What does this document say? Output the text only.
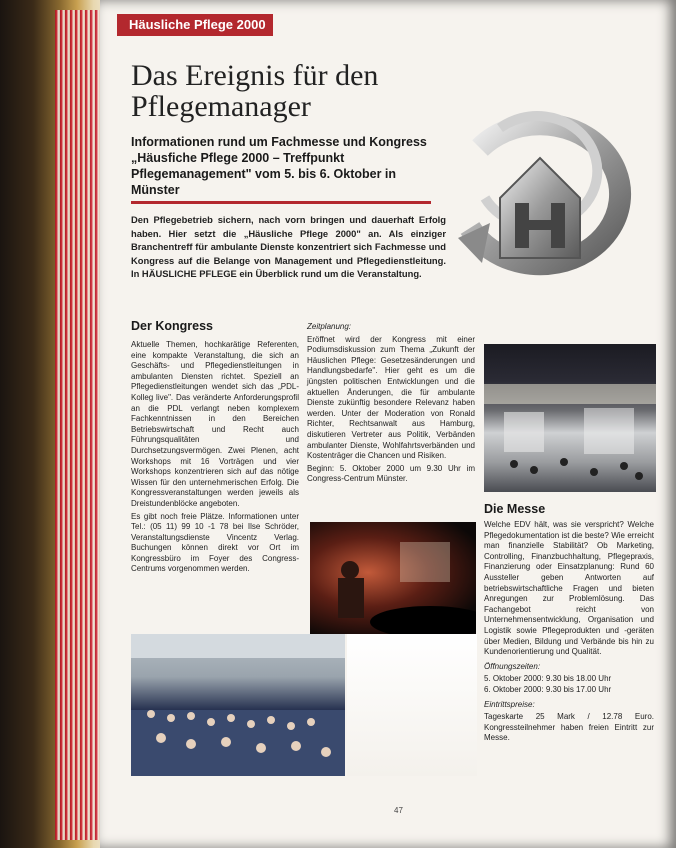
Häusliche Pflege 2000
Das Ereignis für den Pflegemanager
Informationen rund um Fachmesse und Kongress „Häusfiche Pflege 2000 – Treffpunkt Pflegemanagement" vom 5. bis 6. Oktober in Münster
Den Pflegebetrieb sichern, nach vorn bringen und dauerhaft Erfolg haben. Hier setzt die „Häusliche Pflege 2000" an. Als einziger Branchentreff für ambulante Dienste konzentriert sich Fachmesse und Kongress auf die Belange von Management und Pflegedienstleitung. In HÄUSLICHE PFLEGE ein Überblick rund um die Veranstaltung.
Der Kongress

Aktuelle Themen, hochkarätige Referenten, eine kompakte Veranstaltung, die sich an Geschäfts- und Pflegedienstleitungen in ambulanten Diensten richtet. Speziell an Pflegedienstleitungen wendet sich das „PDL-Kolleg live". Das veränderte Anforderungsprofil an die PDL verlangt neben komplexem Fachkenntnissen in den Bereichen Betriebswirtschaft und Recht auch Führungsqualitäten und Durchsetzungsvermögen. Zwei Plenen, acht Workshops mit 16 Vorträgen und vier Workshops konzentrieren sich auf das nötige Wissen für den unternehmerischen Erfolg. Die Kongressveranstaltungen werden jeweils als Dreistundenblöcke angeboten.

Es gibt noch freie Plätze. Informationen unter Tel.: (05 11) 99 10 -1 78 bei Ilse Schröder, Veranstaltungsdienste Vincentz Verlag. Buchungen können direkt vor Ort im Kongressbüro im Foyer des Congress-Centrums vorgenommen werden.

Zeitplanung:

Eröffnet wird der Kongress mit einer Podiumsdiskussion zum Thema „Zukunft der Häuslichen Pflege: Gesetzesänderungen und Handlungsbedarfe". Hier geht es um die jüngsten politischen Entwicklungen und die aktuellen Änderungen, die für ambulante Dienste zukünftig besondere Relevanz haben werden. Unter der Moderation von Ronald Richter, Rechtsanwalt aus Hamburg, diskutieren Vertreter aus Politik, Verbänden ambulanter Dienste, Wohlfahrtsverbänden und Kostenträger die Chancen und Risiken.

Beginn: 5. Oktober 2000 um 9.30 Uhr im Congress-Centrum Münster.

Die Messe

Welche EDV hält, was sie verspricht? Welche Pflegedokumentation ist die beste? Wie erreicht man finanzielle Stabilität? Ob Marketing, Controlling, Finanzbuchhaltung, Pflegepraxis, Finanzierung oder Einsatzplanung: Rund 60 Aussteller geben Antworten auf betriebswirtschaftliche Fragen und bieten Anregungen zur Problemlösung. Das Fachangebot reicht von Unternehmensentwicklung, Organisation und Logistik sowie Pflegeprodukten und -geräten über Medien, Bildung und Verbände bis hin zu Kundenorientierung und Qualität.

Öffnungszeiten:

5. Oktober 2000: 9.30 bis 18.00 Uhr

6. Oktober 2000: 9.30 bis 17.00 Uhr

Eintrittspreise:

Tageskarte 25 Mark / 12.78 Euro. Kongressteilnehmer haben freien Eintritt zur Messe.

47
